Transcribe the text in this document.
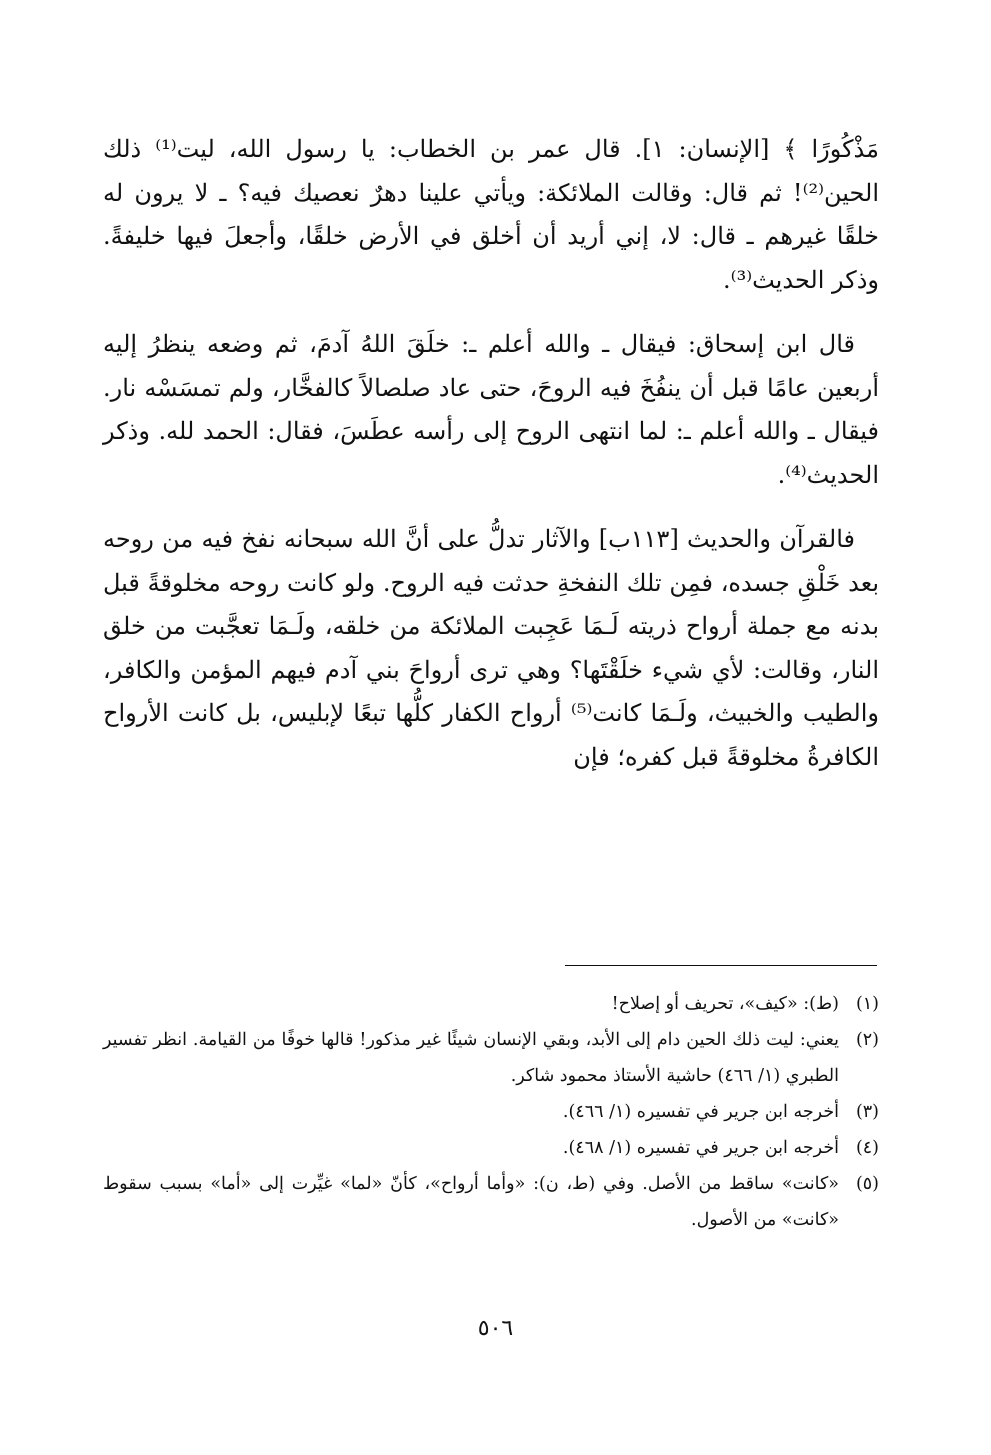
مَذْكُورًا ﴾ [الإنسان: ١]. قال عمر بن الخطاب: يا رسول الله، ليت⁽¹⁾ ذلك الحين⁽²⁾! ثم قال: وقالت الملائكة: ويأتي علينا دهرٌ نعصيك فيه؟ ـ لا يرون له خلقًا غيرهم ـ قال: لا، إني أريد أن أخلق في الأرض خلقًا، وأجعلَ فيها خليفةً. وذكر الحديث⁽³⁾.

قال ابن إسحاق: فيقال ـ والله أعلم ـ: خلَقَ اللهُ آدمَ، ثم وضعه ينظرُ إليه أربعين عامًا قبل أن ينفُخَ فيه الروحَ، حتى عاد صلصالاً كالفخَّار، ولم تمسَسْه نار. فيقال ـ والله أعلم ـ: لما انتهى الروح إلى رأسه عطَسَ، فقال: الحمد لله. وذكر الحديث⁽⁴⁾.

فالقرآن والحديث [١١٣ب] والآثار تدلُّ على أنَّ الله سبحانه نفخ فيه من روحه بعد خَلْقِ جسده، فمِن تلك النفخةِ حدثت فيه الروح. ولو كانت روحه مخلوقةً قبل بدنه مع جملة أرواح ذريته لَـمَا عَجِبت الملائكة من خلقه، ولَـمَا تعجَّبت من خلق النار، وقالت: لأي شيء خلَقْتَها؟ وهي ترى أرواحَ بني آدم فيهم المؤمن والكافر، والطيب والخبيث، ولَـمَا كانت⁽⁵⁾ أرواح الكفار كلُّها تبعًا لإبليس، بل كانت الأرواح الكافرةُ مخلوقةً قبل كفره؛ فإن

(١)
(ط): «كيف»، تحريف أو إصلاح!
(٢)
يعني: ليت ذلك الحين دام إلى الأبد، وبقي الإنسان شيئًا غير مذكور! قالها خوفًا من القيامة. انظر تفسير الطبري (١/ ٤٦٦) حاشية الأستاذ محمود شاكر.
(٣)
أخرجه ابن جرير في تفسيره (١/ ٤٦٦).
(٤)
أخرجه ابن جرير في تفسيره (١/ ٤٦٨).
(٥)
«كانت» ساقط من الأصل. وفي (ط، ن): «وأما أرواح»، كأنّ «لما» غيِّرت إلى «أما» بسبب سقوط «كانت» من الأصول.
٥٠٦
